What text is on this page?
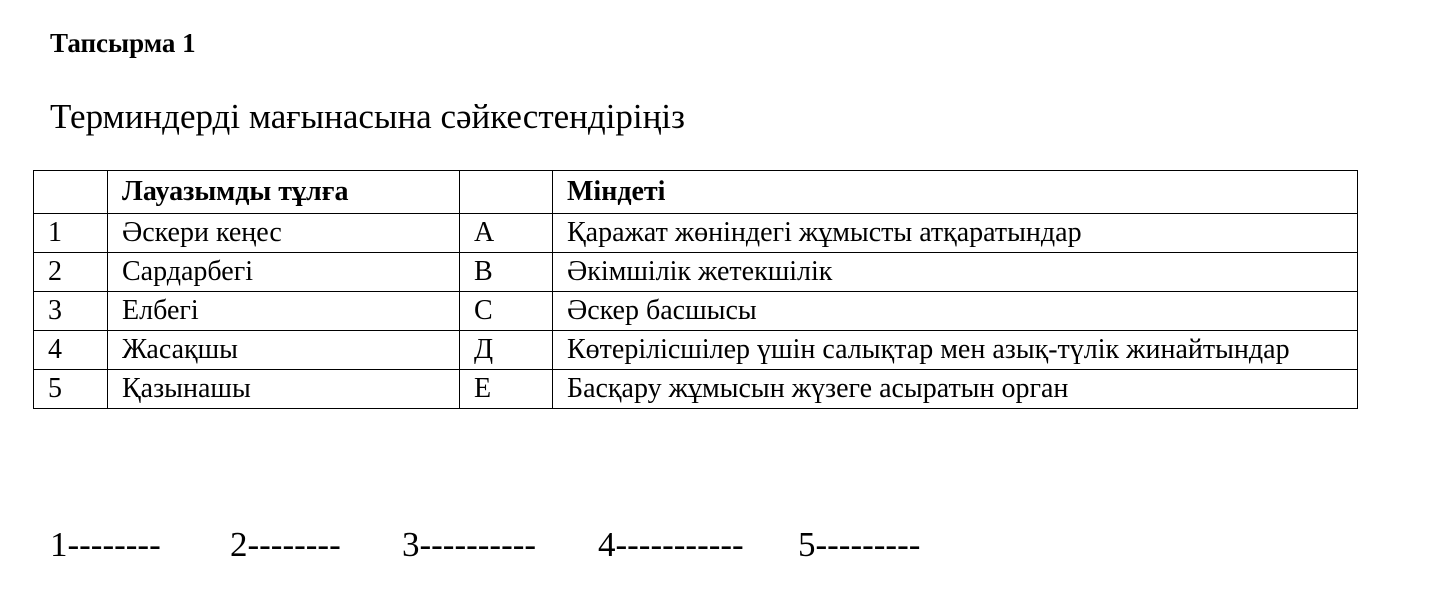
Тапсырма 1
Терминдерді мағынасына сәйкестендіріңіз
	Лауазымды тұлға		Міндеті
1	Әскери кеңес	А	Қаражат жөніндегі жұмысты атқаратындар
2	Сардарбегі	В	Әкімшілік жетекшілік
3	Елбегі	С	Әскер басшысы
4	Жасақшы	Д	Көтерілісшілер үшін салықтар мен азық-түлік жинайтындар
5	Қазынашы	Е	Басқару жұмысын жүзеге асыратын орган
1-------- 2-------- 3---------- 4----------- 5---------
